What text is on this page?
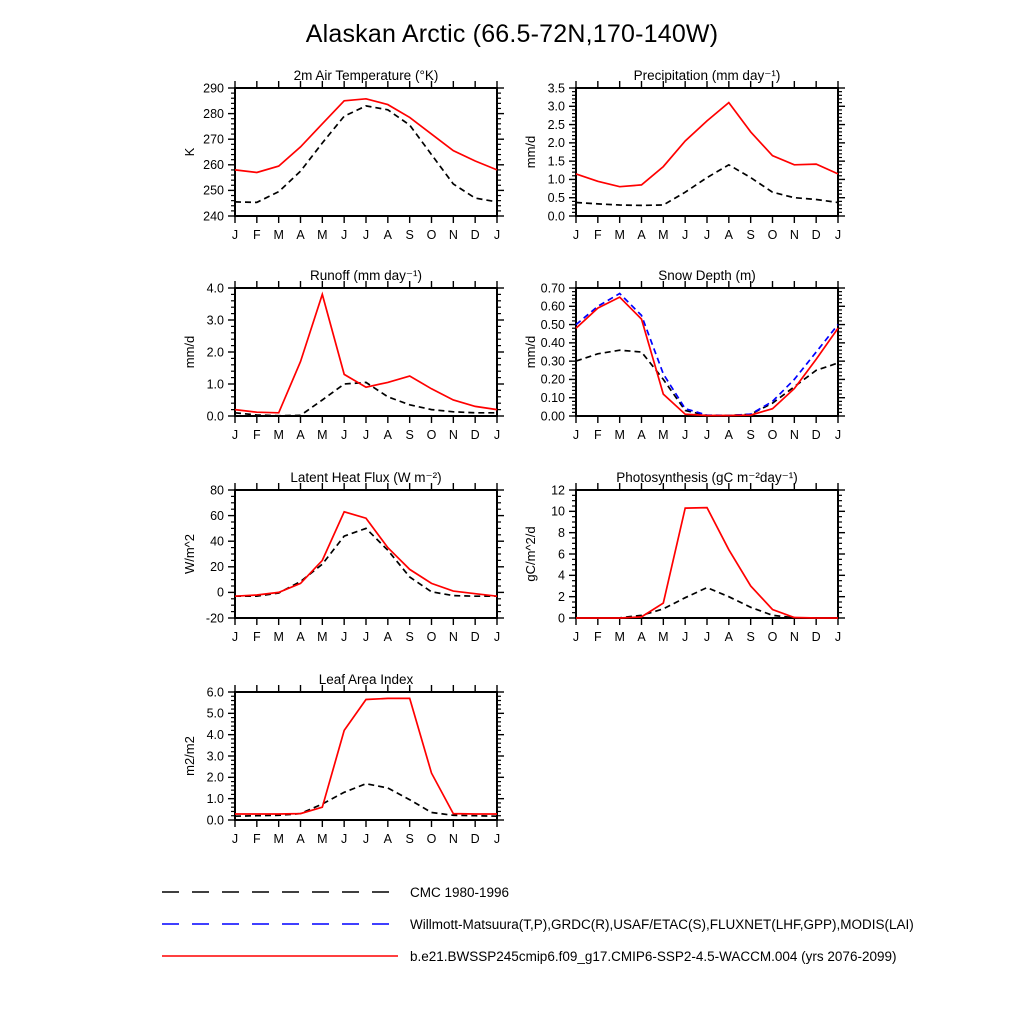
Alaskan Arctic (66.5-72N,170-140W)
2m Air Temperature (°K)
K
240
250
260
270
280
290
J F M A M J J A S O N D J
Precipitation (mm day⁻¹)
mm/d
0.0
0.5
1.0
1.5
2.0
2.5
3.0
3.5
J F M A M J J A S O N D J
Runoff (mm day⁻¹)
mm/d
0.0
1.0
2.0
3.0
4.0
J F M A M J J A S O N D J
Snow Depth (m)
mm/d
0.00
0.10
0.20
0.30
0.40
0.50
0.60
0.70
J F M A M J J A S O N D J
Latent Heat Flux (W m⁻²)
W/m^2
-20
0
20
40
60
80
J F M A M J J A S O N D J
Photosynthesis (gC m⁻²day⁻¹)
gC/m^2/d
0
2
4
6
8
10
12
J F M A M J J A S O N D J
Leaf Area Index
m2/m2
0.0
1.0
2.0
3.0
4.0
5.0
6.0
J F M A M J J A S O N D J
CMC 1980-1996
Willmott-Matsuura(T,P),GRDC(R),USAF/ETAC(S),FLUXNET(LHF,GPP),MODIS(LAI)
b.e21.BWSSP245cmip6.f09_g17.CMIP6-SSP2-4.5-WACCM.004 (yrs 2076-2099)
